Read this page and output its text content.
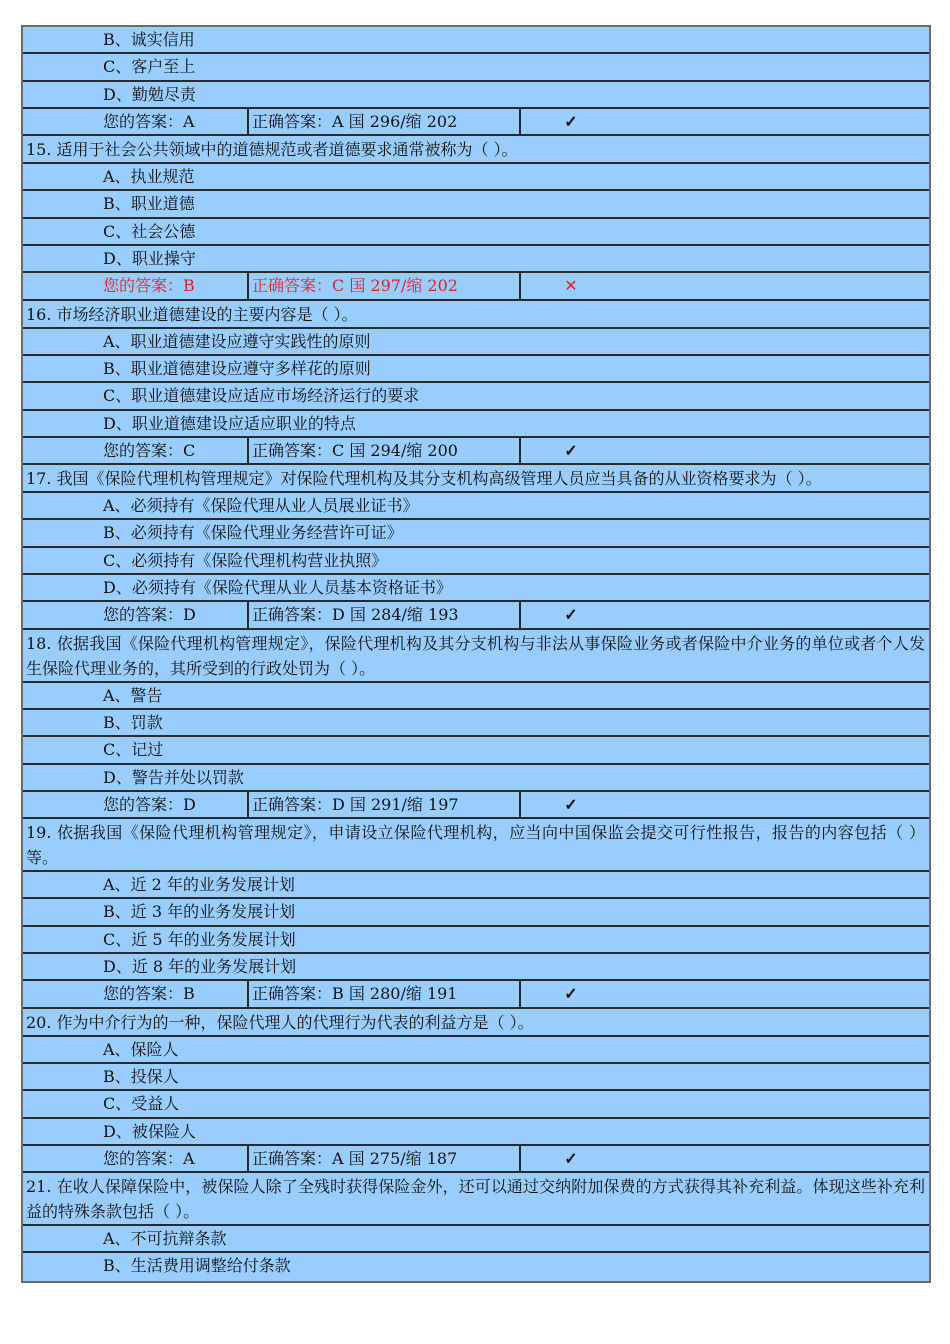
B、诚实信用
C、客户至上
D、勤勉尽责
您的答案：A	正确答案：A 国 296/缩 202	✓
15. 适用于社会公共领域中的道德规范或者道德要求通常被称为（ ）。
A、执业规范
B、职业道德
C、社会公德
D、职业操守
您的答案：B	正确答案：C 国 297/缩 202	✕
16. 市场经济职业道德建设的主要内容是（ ）。
A、职业道德建设应遵守实践性的原则
B、职业道德建设应遵守多样花的原则
C、职业道德建设应适应市场经济运行的要求
D、职业道德建设应适应职业的特点
您的答案：C	正确答案：C 国 294/缩 200	✓
17. 我国《保险代理机构管理规定》对保险代理机构及其分支机构高级管理人员应当具备的从业资格要求为（ ）。
A、必须持有《保险代理从业人员展业证书》
B、必须持有《保险代理业务经营许可证》
C、必须持有《保险代理机构营业执照》
D、必须持有《保险代理从业人员基本资格证书》
您的答案：D	正确答案：D 国 284/缩 193	✓
18. 依据我国《保险代理机构管理规定》，保险代理机构及其分支机构与非法从事保险业务或者保险中介业务的单位或者个人发生保险代理业务的，其所受到的行政处罚为（ ）。
A、警告
B、罚款
C、记过
D、警告并处以罚款
您的答案：D	正确答案：D 国 291/缩 197	✓
19. 依据我国《保险代理机构管理规定》，申请设立保险代理机构，应当向中国保监会提交可行性报告，报告的内容包括（ ）等。
A、近 2 年的业务发展计划
B、近 3 年的业务发展计划
C、近 5 年的业务发展计划
D、近 8 年的业务发展计划
您的答案：B	正确答案：B 国 280/缩 191	✓
20. 作为中介行为的一种，保险代理人的代理行为代表的利益方是（ ）。
A、保险人
B、投保人
C、受益人
D、被保险人
您的答案：A	正确答案：A 国 275/缩 187	✓
21. 在收人保障保险中，被保险人除了全残时获得保险金外，还可以通过交纳附加保费的方式获得其补充利益。体现这些补充利益的特殊条款包括（ ）。
A、不可抗辩条款
B、生活费用调整给付条款
